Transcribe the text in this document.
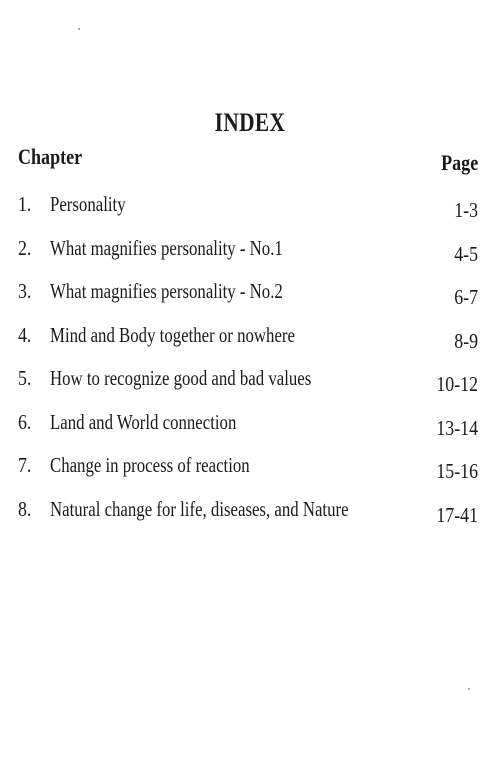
INDEX
Chapter	Page
1. Personality	1-3
2. What magnifies personality - No.1	4-5
3. What magnifies personality - No.2	6-7
4. Mind and Body together or nowhere	8-9
5. How to recognize good and bad values	10-12
6. Land and World connection	13-14
7. Change in process of reaction	15-16
8. Natural change for life, diseases, and Nature	17-41
